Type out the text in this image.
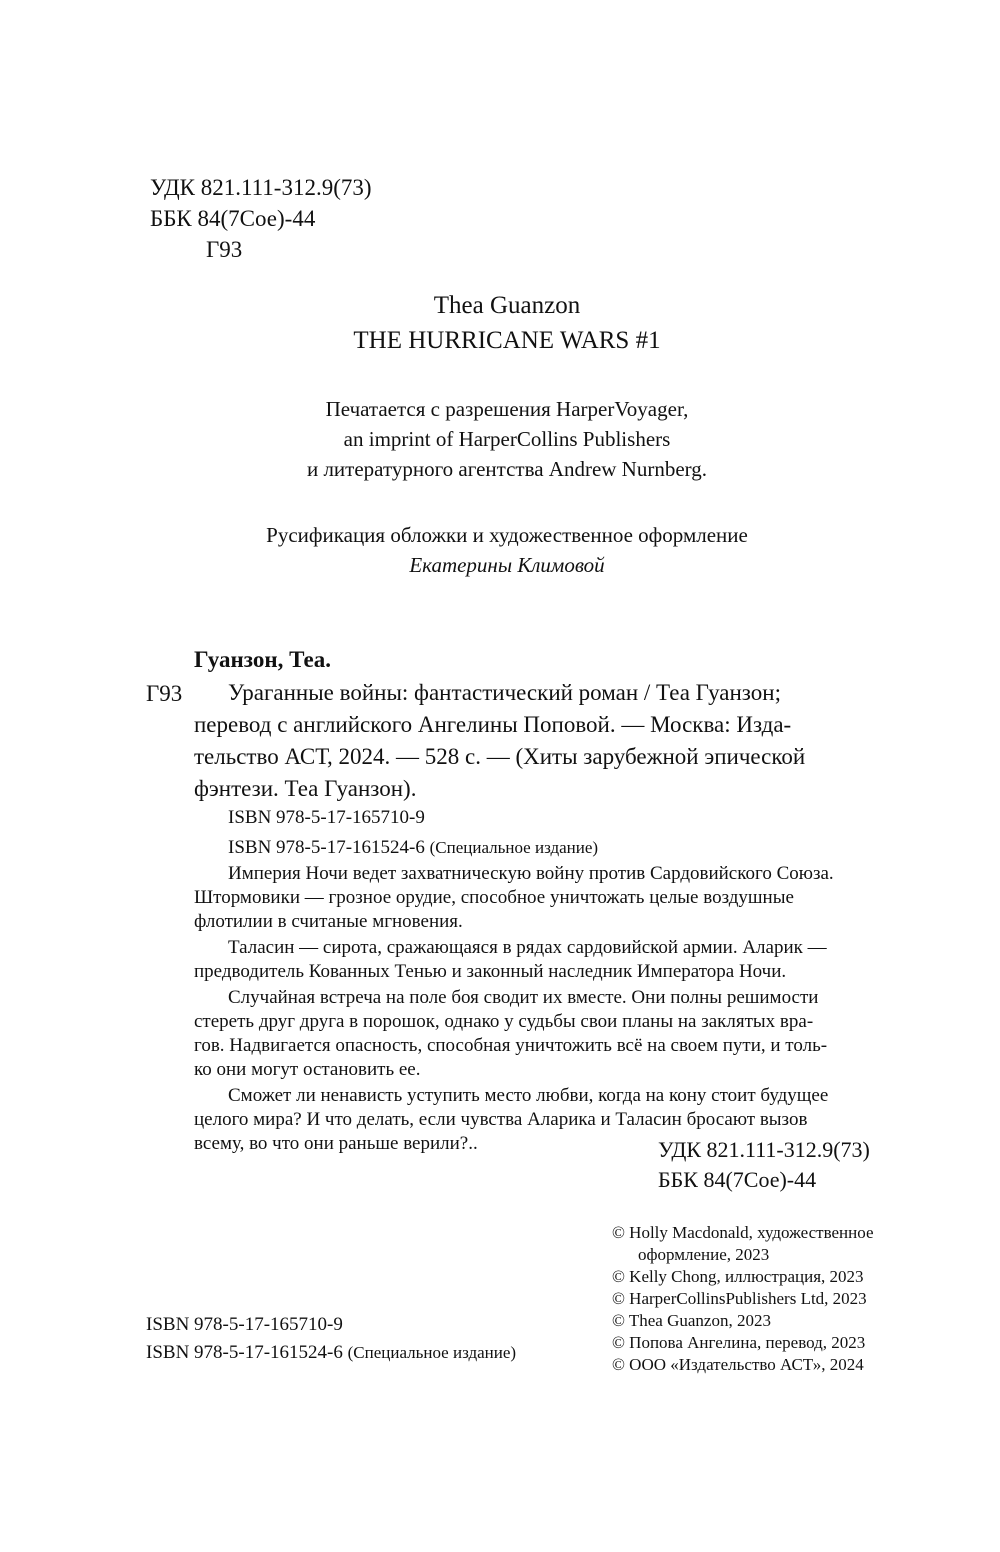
УДК 821.111-312.9(73)
ББК 84(7Сое)-44
Г93
Thea Guanzon
THE HURRICANE WARS #1
Печатается с разрешения HarperVoyager,
an imprint of HarperCollins Publishers
и литературного агентства Andrew Nurnberg.
Русификация обложки и художественное оформление
Екатерины Климовой
Гуанзон, Теа.
Г93	Ураганные войны: фантастический роман / Теа Гуанзон;
перевод с английского Ангелины Поповой. — Москва: Изда-
тельство АСТ, 2024. — 528 с. — (Хиты зарубежной эпической
фэнтези. Теа Гуанзон).
ISBN 978-5-17-165710-9
ISBN 978-5-17-161524-6 (Специальное издание)
Империя Ночи ведет захватническую войну против Сардовийского Союза.
Штормовики — грозное орудие, способное уничтожать целые воздушные
флотилии в считаные мгновения.
Таласин — сирота, сражающаяся в рядах сардовийской армии. Аларик —
предводитель Кованных Тенью и законный наследник Императора Ночи.
Случайная встреча на поле боя сводит их вместе. Они полны решимости
стереть друг друга в порошок, однако у судьбы свои планы на заклятых вра-
гов. Надвигается опасность, способная уничтожить всё на своем пути, и толь-
ко они могут остановить ее.
Сможет ли ненависть уступить место любви, когда на кону стоит будущее
целого мира? И что делать, если чувства Аларика и Таласин бросают вызов
всему, во что они раньше верили?..	УДК 821.111-312.9(73)
ББК 84(7Сое)-44
© Holly Macdonald, художественное
оформление, 2023
© Kelly Chong, иллюстрация, 2023
© HarperCollinsPublishers Ltd, 2023
© Thea Guanzon, 2023
© Попова Ангелина, перевод, 2023
© ООО «Издательство АСТ», 2024
ISBN 978-5-17-165710-9
ISBN 978-5-17-161524-6 (Специальное издание)
